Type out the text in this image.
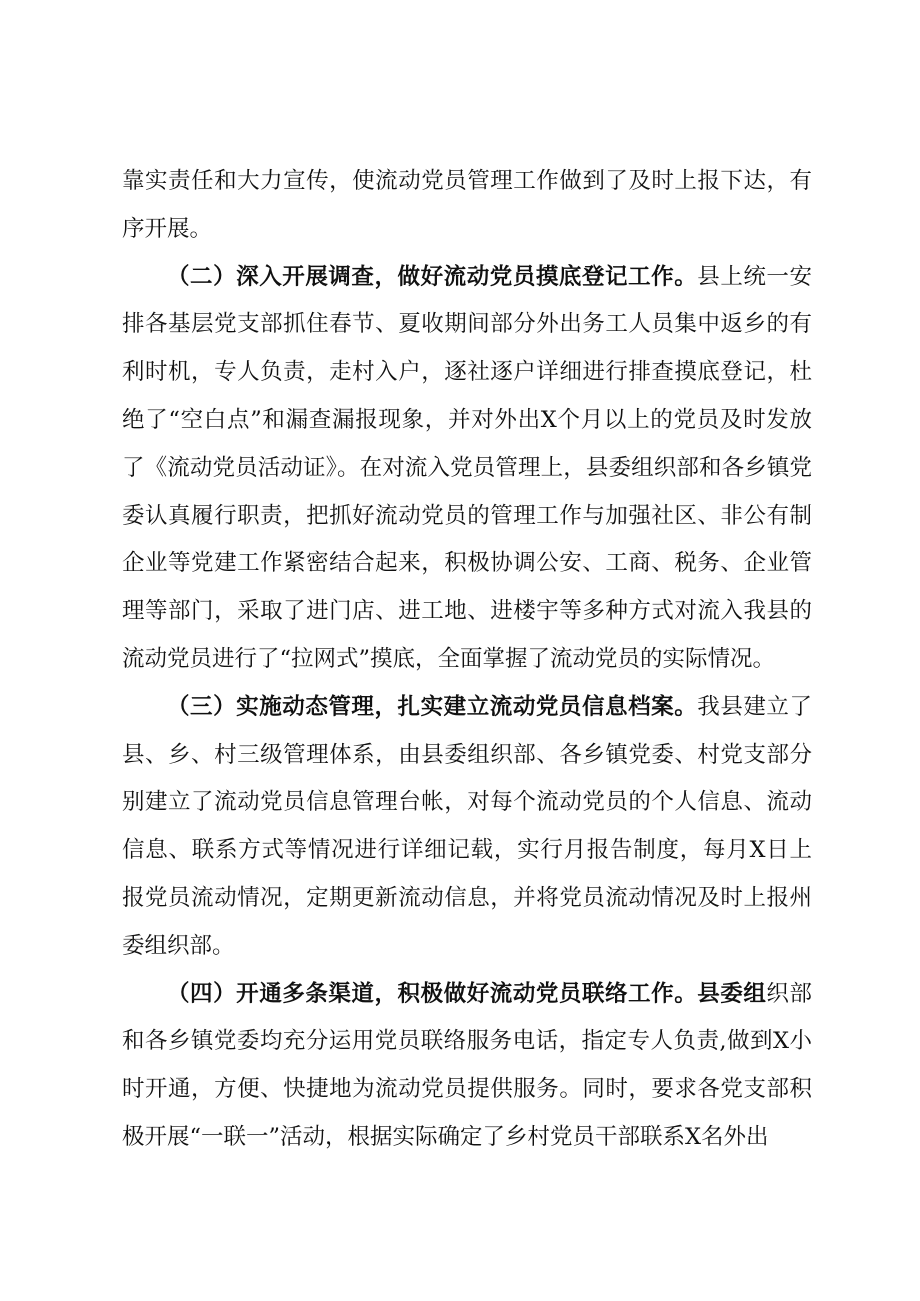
靠实责任和大力宣传，使流动党员管理工作做到了及时上报下达，有序开展。

（二）深入开展调查，做好流动党员摸底登记工作。县上统一安排各基层党支部抓住春节、夏收期间部分外出务工人员集中返乡的有利时机，专人负责，走村入户，逐社逐户详细进行排查摸底登记，杜绝了“空白点”和漏查漏报现象，并对外出X个月以上的党员及时发放了《流动党员活动证》。在对流入党员管理上，县委组织部和各乡镇党委认真履行职责，把抓好流动党员的管理工作与加强社区、非公有制企业等党建工作紧密结合起来，积极协调公安、工商、税务、企业管理等部门，采取了进门店、进工地、进楼宇等多种方式对流入我县的流动党员进行了“拉网式”摸底，全面掌握了流动党员的实际情况。

（三）实施动态管理，扎实建立流动党员信息档案。我县建立了县、乡、村三级管理体系，由县委组织部、各乡镇党委、村党支部分别建立了流动党员信息管理台帐，对每个流动党员的个人信息、流动信息、联系方式等情况进行详细记载，实行月报告制度，每月X日上报党员流动情况，定期更新流动信息，并将党员流动情况及时上报州委组织部。

（四）开通多条渠道，积极做好流动党员联络工作。县委组织部和各乡镇党委均充分运用党员联络服务电话，指定专人负责,做到X小时开通，方便、快捷地为流动党员提供服务。同时，要求各党支部积极开展“一联一”活动，根据实际确定了乡村党员干部联系X名外出
